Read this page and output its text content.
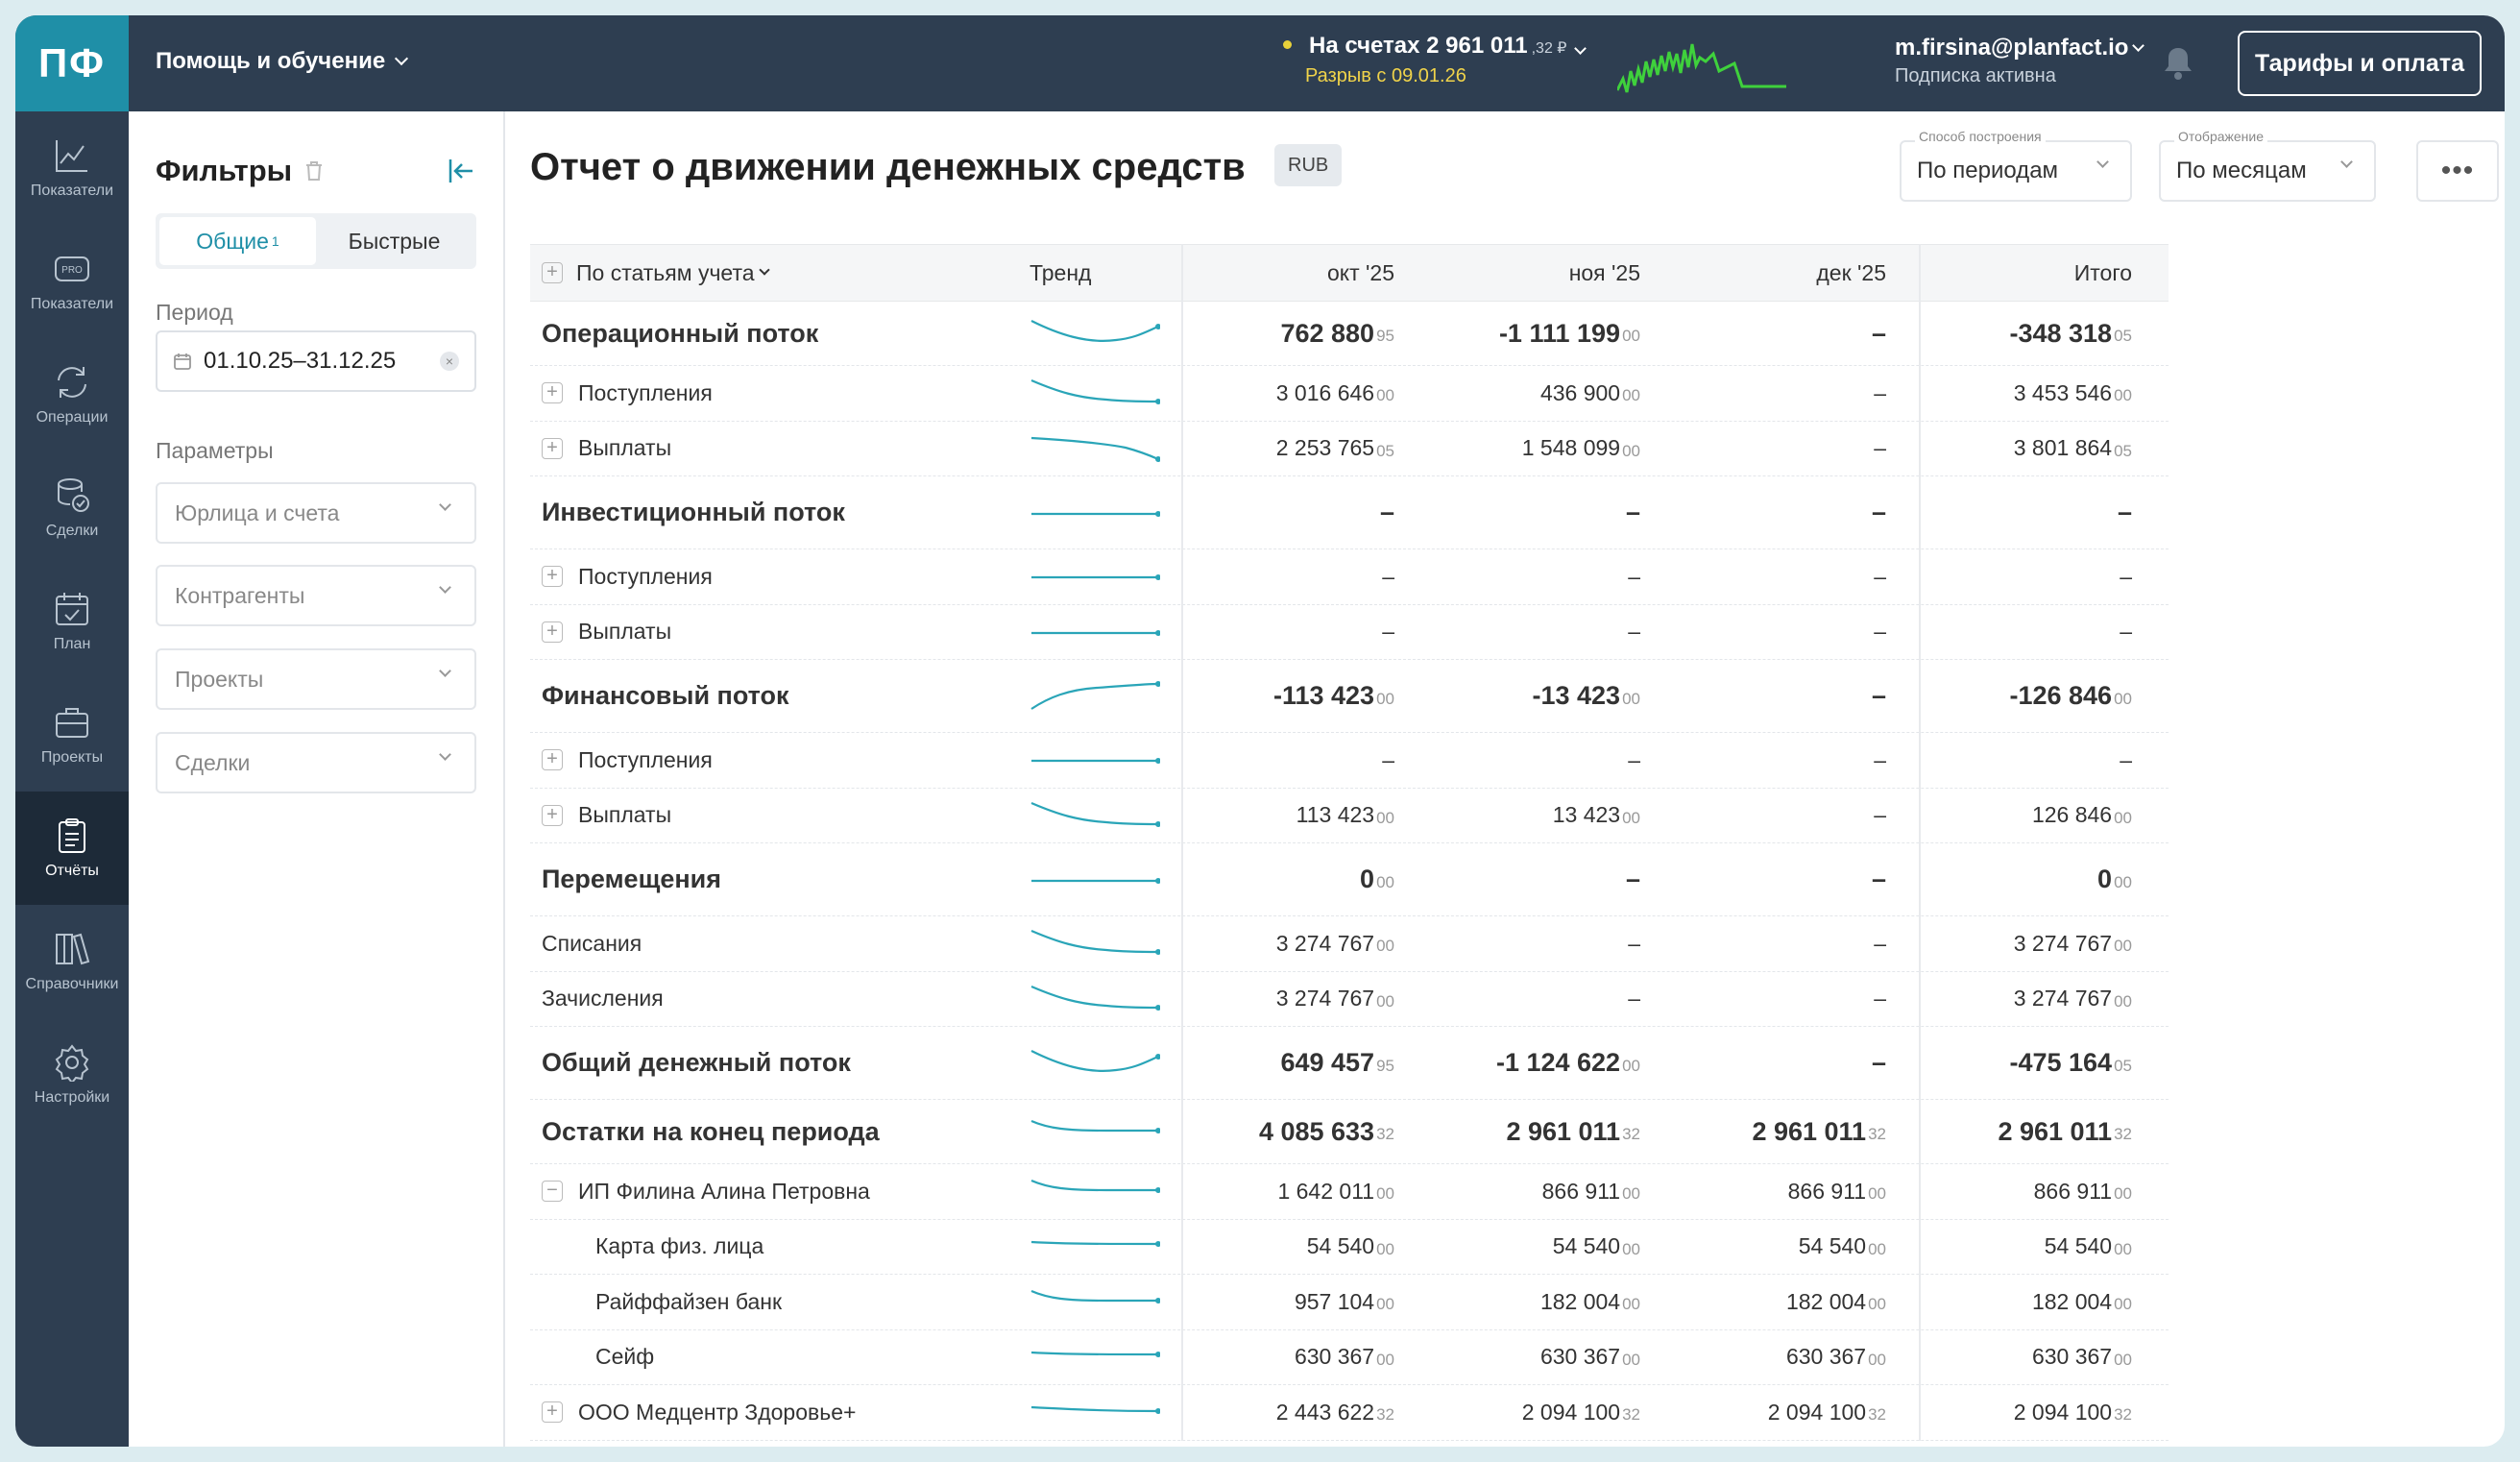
ПФ	Помощь и обучение
На счетах 2 961 011 ,32 ₽
Разрыв с 09.01.26
m.firsina@planfact.io
Подписка активна	Тарифы и оплата
Показатели
PRO
Показатели
Операции
Сделки
План
Проекты
Отчёты
Справочники
Настройки
Фильтры
Общие 1	Быстрые
Период
01.10.25–31.12.25	×
Параметры
Юрлица и счета
Контрагенты
Проекты
Сделки
Отчет о движении денежных средств	RUB
Способ построения
По периодам
Отображение
По месяцам	•••
+ По статьям учета	Тренд	окт '25	ноя '25	дек '25	Итого
Операционный поток	762 880 95	-1 111 199 00	–	-348 318 05
+ Поступления	3 016 646 00	436 900 00	–	3 453 546 00
+ Выплаты	2 253 765 05	1 548 099 00	–	3 801 864 05
Инвестиционный поток	–	–	–	–
+ Поступления	–	–	–	–
+ Выплаты	–	–	–	–
Финансовый поток	-113 423 00	-13 423 00	–	-126 846 00
+ Поступления	–	–	–	–
+ Выплаты	113 423 00	13 423 00	–	126 846 00
Перемещения	0 00	–	–	0 00
Списания	3 274 767 00	–	–	3 274 767 00
Зачисления	3 274 767 00	–	–	3 274 767 00
Общий денежный поток	649 457 95	-1 124 622 00	–	-475 164 05
Остатки на конец периода	4 085 633 32	2 961 011 32	2 961 011 32	2 961 011 32
− ИП Филина Алина Петровна	1 642 011 00	866 911 00	866 911 00	866 911 00
Карта физ. лица	54 540 00	54 540 00	54 540 00	54 540 00
Райффайзен банк	957 104 00	182 004 00	182 004 00	182 004 00
Сейф	630 367 00	630 367 00	630 367 00	630 367 00
+ ООО Медцентр Здоровье+	2 443 622 32	2 094 100 32	2 094 100 32	2 094 100 32
